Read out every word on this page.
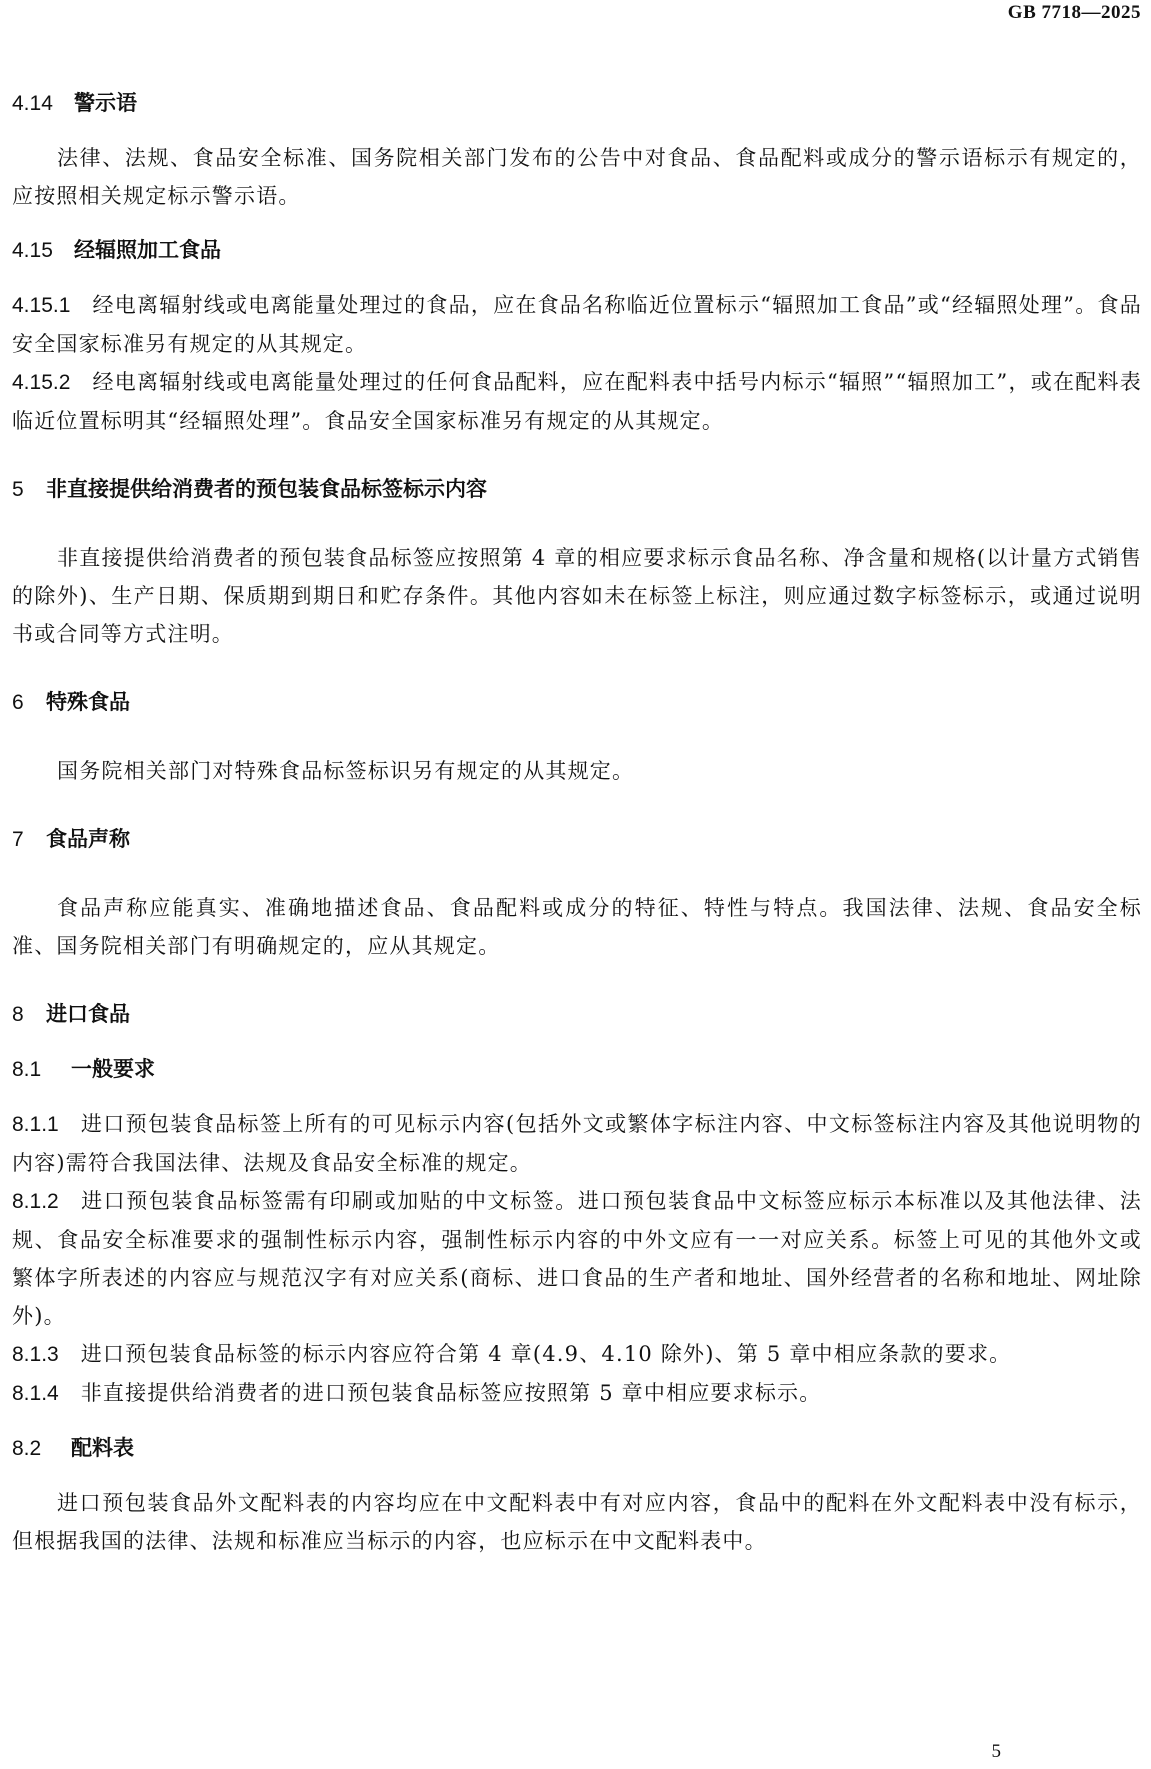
GB 7718—2025
4.14 警示语

法律、法规、食品安全标准、国务院相关部门发布的公告中对食品、食品配料或成分的警示语标示有规定的，应按照相关规定标示警示语。

4.15 经辐照加工食品

4.15.1 经电离辐射线或电离能量处理过的食品，应在食品名称临近位置标示“辐照加工食品”或“经辐照处理”。食品安全国家标准另有规定的从其规定。

4.15.2 经电离辐射线或电离能量处理过的任何食品配料，应在配料表中括号内标示“辐照”“辐照加工”，或在配料表临近位置标明其“经辐照处理”。食品安全国家标准另有规定的从其规定。

5 非直接提供给消费者的预包装食品标签标示内容

非直接提供给消费者的预包装食品标签应按照第 4 章的相应要求标示食品名称、净含量和规格(以计量方式销售的除外)、生产日期、保质期到期日和贮存条件。其他内容如未在标签上标注，则应通过数字标签标示，或通过说明书或合同等方式注明。

6 特殊食品

国务院相关部门对特殊食品标签标识另有规定的从其规定。

7 食品声称

食品声称应能真实、准确地描述食品、食品配料或成分的特征、特性与特点。我国法律、法规、食品安全标准、国务院相关部门有明确规定的，应从其规定。

8 进口食品
8.1 一般要求

8.1.1 进口预包装食品标签上所有的可见标示内容(包括外文或繁体字标注内容、中文标签标注内容及其他说明物的内容)需符合我国法律、法规及食品安全标准的规定。

8.1.2 进口预包装食品标签需有印刷或加贴的中文标签。进口预包装食品中文标签应标示本标准以及其他法律、法规、食品安全标准要求的强制性标示内容，强制性标示内容的中外文应有一一对应关系。标签上可见的其他外文或繁体字所表述的内容应与规范汉字有对应关系(商标、进口食品的生产者和地址、国外经营者的名称和地址、网址除外)。

8.1.3 进口预包装食品标签的标示内容应符合第 4 章(4.9、4.10 除外)、第 5 章中相应条款的要求。

8.1.4 非直接提供给消费者的进口预包装食品标签应按照第 5 章中相应要求标示。

8.2 配料表

进口预包装食品外文配料表的内容均应在中文配料表中有对应内容，食品中的配料在外文配料表中没有标示，但根据我国的法律、法规和标准应当标示的内容，也应标示在中文配料表中。

5
